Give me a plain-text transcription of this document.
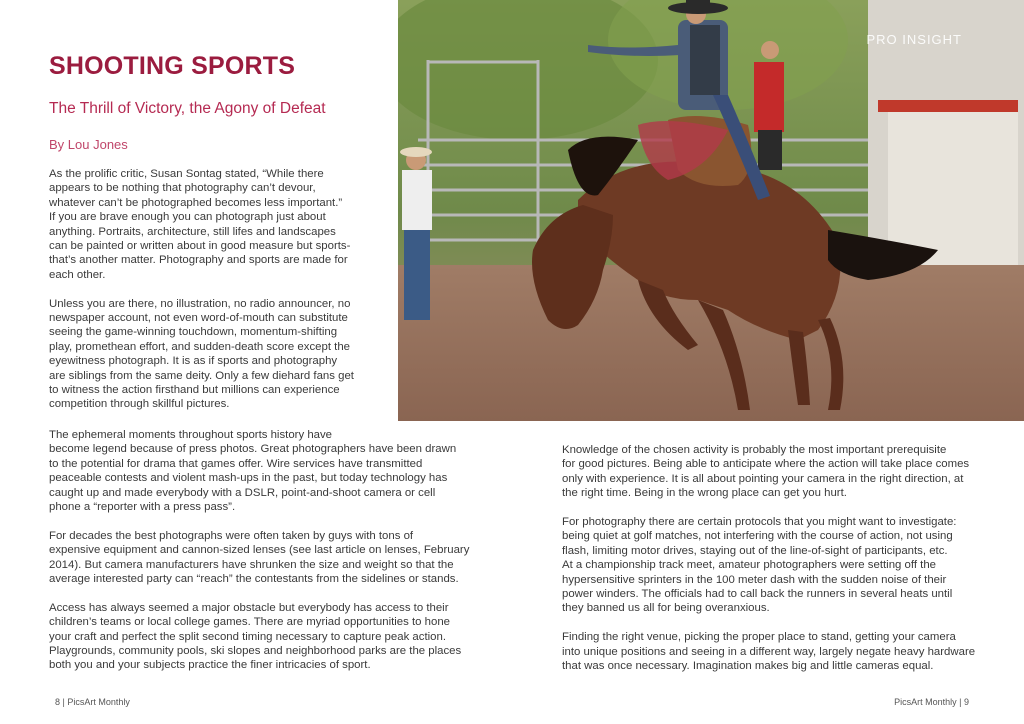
SHOOTING SPORTS
The Thrill of Victory, the Agony of Defeat
By Lou Jones

As the prolific critic, Susan Sontag stated, “While there
appears to be nothing that photography can’t devour,
whatever can’t be photographed becomes less important.”
If you are brave enough you can photograph just about
anything. Portraits, architecture, still lifes and landscapes
can be painted or written about in good measure but sports-
that’s another matter. Photography and sports are made for
each other.

Unless you are there, no illustration, no radio announcer, no
newspaper account, not even word-of-mouth can substitute
seeing the game-winning touchdown, momentum-shifting
play, promethean effort, and sudden-death score except the
eyewitness photograph. It is as if sports and photography
are siblings from the same deity. Only a few diehard fans get
to witness the action firsthand but millions can experience
competition through skillful pictures.

The ephemeral moments throughout sports history have
become legend because of press photos. Great photographers have been drawn
to the potential for drama that games offer. Wire services have transmitted
peaceable contests and violent mash-ups in the past, but today technology has
caught up and made everybody with a DSLR, point-and-shoot camera or cell
phone a “reporter with a press pass”.

For decades the best photographs were often taken by guys with tons of
expensive equipment and cannon-sized lenses (see last article on lenses, February
2014). But camera manufacturers have shrunken the size and weight so that the
average interested party can “reach” the contestants from the sidelines or stands.

Access has always seemed a major obstacle but everybody has access to their
children’s teams or local college games. There are myriad opportunities to hone
your craft and perfect the split second timing necessary to capture peak action.
Playgrounds, community pools, ski slopes and neighborhood parks are the places
both you and your subjects practice the finer intricacies of sport.

Knowledge of the chosen activity is probably the most important prerequisite
for good pictures. Being able to anticipate where the action will take place comes
only with experience. It is all about pointing your camera in the right direction, at
the right time. Being in the wrong place can get you hurt.

For photography there are certain protocols that you might want to investigate:
being quiet at golf matches, not interfering with the course of action, not using
flash, limiting motor drives, staying out of the line-of-sight of participants, etc.
At a championship track meet, amateur photographers were setting off the
hypersensitive sprinters in the 100 meter dash with the sudden noise of their
power winders. The officials had to call back the runners in several heats until
they banned us all for being overanxious.

Finding the right venue, picking the proper place to stand, getting your camera
into unique positions and seeing in a different way, largely negate heavy hardware
that was once necessary. Imagination makes big and little cameras equal.

PRO INSIGHT
8 | PicsArt Monthly	PicsArt Monthly | 9
